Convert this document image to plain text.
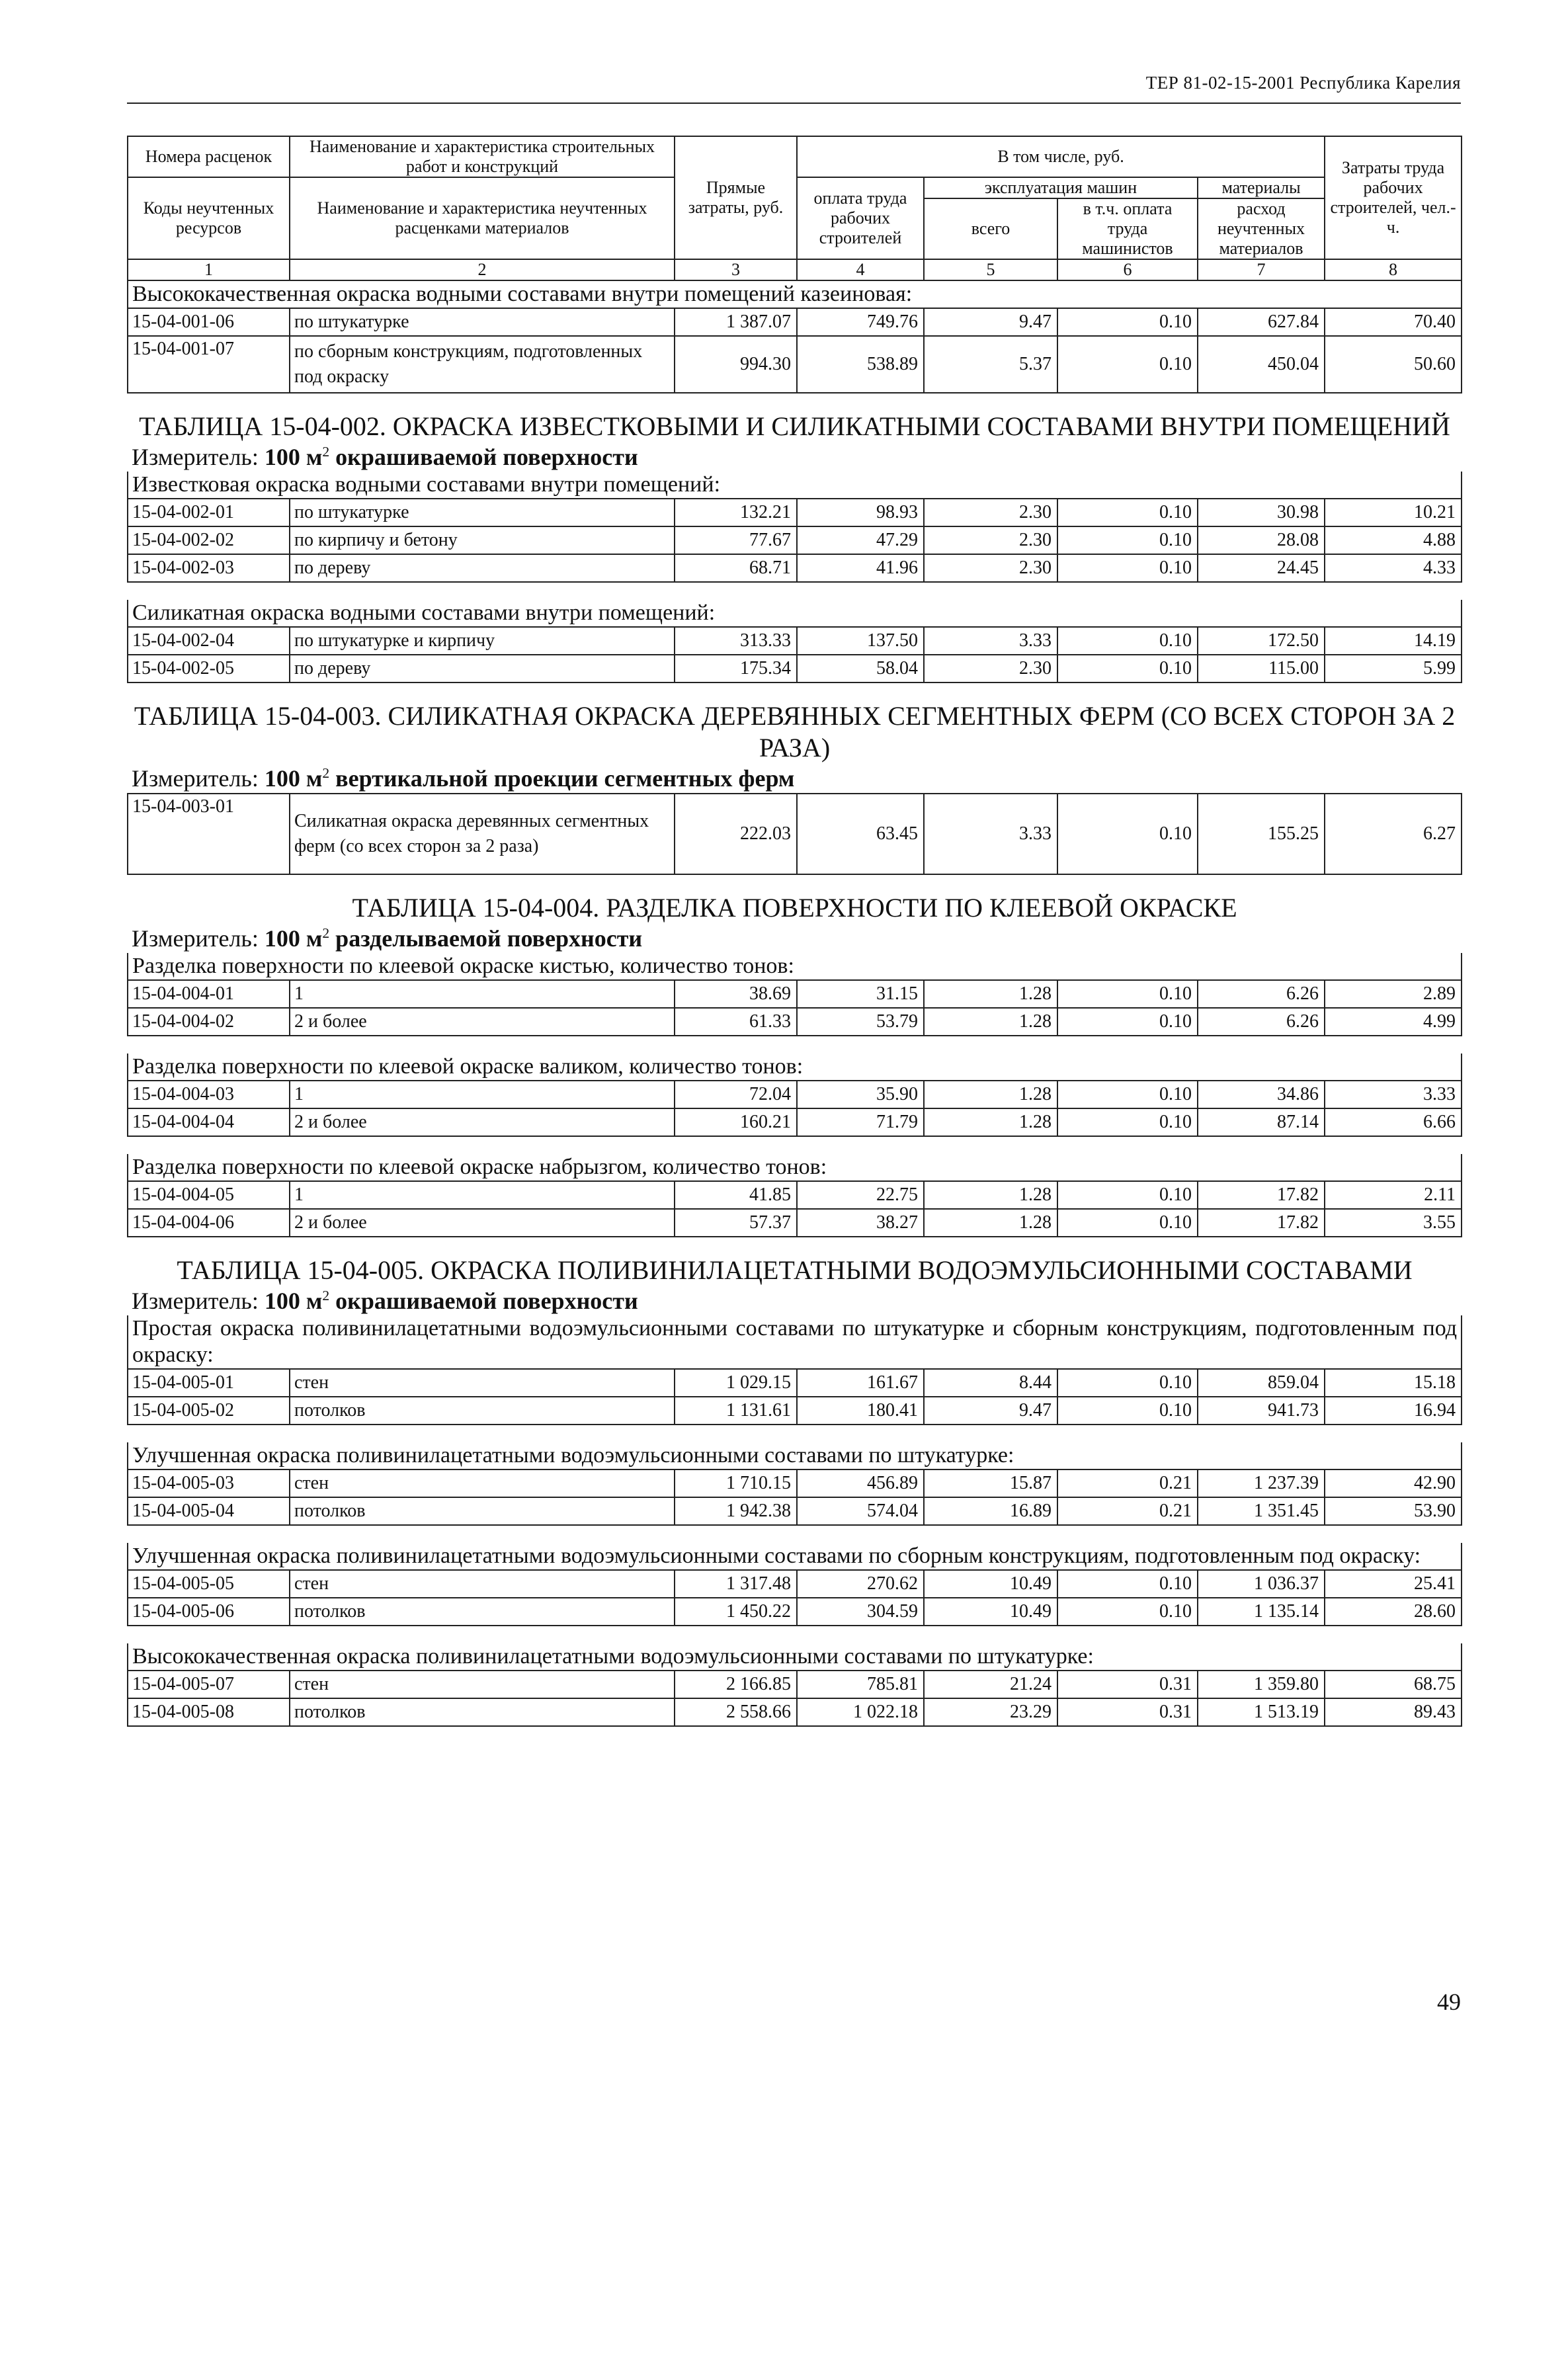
ТЕР 81-02-15-2001 Республика Карелия
Номера расценок	Наименование и характеристика строительных работ и конструкций	Прямые затраты, руб.	В том числе, руб.				Затраты труда рабочих строителей, чел.-ч.
Коды неучтенных ресурсов	Наименование и характеристика неучтенных расценками материалов		оплата труда рабочих строителей	эксплуатация машин		материалы	
				всего	в т.ч. оплата труда машинистов	расход неучтенных материалов	
1	2	3	4	5	6	7	8
Высококачественная окраска водными составами внутри помещений казеиновая:							
15-04-001-06	по штукатурке	1 387.07	749.76	9.47	0.10	627.84	70.40
15-04-001-07	по сборным конструкциям, подготовленных под окраску	994.30	538.89	5.37	0.10	450.04	50.60

ТАБЛИЦА 15-04-002. ОКРАСКА ИЗВЕСТКОВЫМИ И СИЛИКАТНЫМИ СОСТАВАМИ ВНУТРИ ПОМЕЩЕНИЙ							
Измеритель: 100 $м^2$ окрашиваемой поверхности							
Известковая окраска водными составами внутри помещений:							
15-04-002-01	по штукатурке	132.21	98.93	2.30	0.10	30.98	10.21
15-04-002-02	по кирпичу и бетону	77.67	47.29	2.30	0.10	28.08	4.88
15-04-002-03	по дереву	68.71	41.96	2.30	0.10	24.45	4.33

Силикатная окраска водными составами внутри помещений:							
15-04-002-04	по штукатурке и кирпичу	313.33	137.50	3.33	0.10	172.50	14.19
15-04-002-05	по дереву	175.34	58.04	2.30	0.10	115.00	5.99

ТАБЛИЦА 15-04-003. СИЛИКАТНАЯ ОКРАСКА ДЕРЕВЯННЫХ СЕГМЕНТНЫХ ФЕРМ (СО ВСЕХ СТОРОН ЗА 2 РАЗА)							
Измеритель: 100 $м^2$ вертикальной проекции сегментных ферм							
15-04-003-01	Силикатная окраска деревянных сегментных ферм (со всех сторон за 2 раза)	222.03	63.45	3.33	0.10	155.25	6.27

ТАБЛИЦА 15-04-004. РАЗДЕЛКА ПОВЕРХНОСТИ ПО КЛЕЕВОЙ ОКРАСКЕ							
Измеритель: 100 $м^2$ разделываемой поверхности							
Разделка поверхности по клеевой окраске кистью, количество тонов:							
15-04-004-01	1	38.69	31.15	1.28	0.10	6.26	2.89
15-04-004-02	2 и более	61.33	53.79	1.28	0.10	6.26	4.99

Разделка поверхности по клеевой окраске валиком, количество тонов:							
15-04-004-03	1	72.04	35.90	1.28	0.10	34.86	3.33
15-04-004-04	2 и более	160.21	71.79	1.28	0.10	87.14	6.66

Разделка поверхности по клеевой окраске набрызгом, количество тонов:							
15-04-004-05	1	41.85	22.75	1.28	0.10	17.82	2.11
15-04-004-06	2 и более	57.37	38.27	1.28	0.10	17.82	3.55

ТАБЛИЦА 15-04-005. ОКРАСКА ПОЛИВИНИЛАЦЕТАТНЫМИ ВОДОЭМУЛЬСИОННЫМИ СОСТАВАМИ							
Измеритель: 100 $м^2$ окрашиваемой поверхности							
Простая окраска поливинилацетатными водоэмульсионными составами по штукатурке и сборным конструкциям, подготовленным под окраску:							
15-04-005-01	стен	1 029.15	161.67	8.44	0.10	859.04	15.18
15-04-005-02	потолков	1 131.61	180.41	9.47	0.10	941.73	16.94

Улучшенная окраска поливинилацетатными водоэмульсионными составами по штукатурке:							
15-04-005-03	стен	1 710.15	456.89	15.87	0.21	1 237.39	42.90
15-04-005-04	потолков	1 942.38	574.04	16.89	0.21	1 351.45	53.90

Улучшенная окраска поливинилацетатными водоэмульсионными составами по сборным конструкциям, подготовленным под окраску:							
15-04-005-05	стен	1 317.48	270.62	10.49	0.10	1 036.37	25.41
15-04-005-06	потолков	1 450.22	304.59	10.49	0.10	1 135.14	28.60

Высококачественная окраска поливинилацетатными водоэмульсионными составами по штукатурке:							
15-04-005-07	стен	2 166.85	785.81	21.24	0.31	1 359.80	68.75
15-04-005-08	потолков	2 558.66	1 022.18	23.29	0.31	1 513.19	89.43

49
